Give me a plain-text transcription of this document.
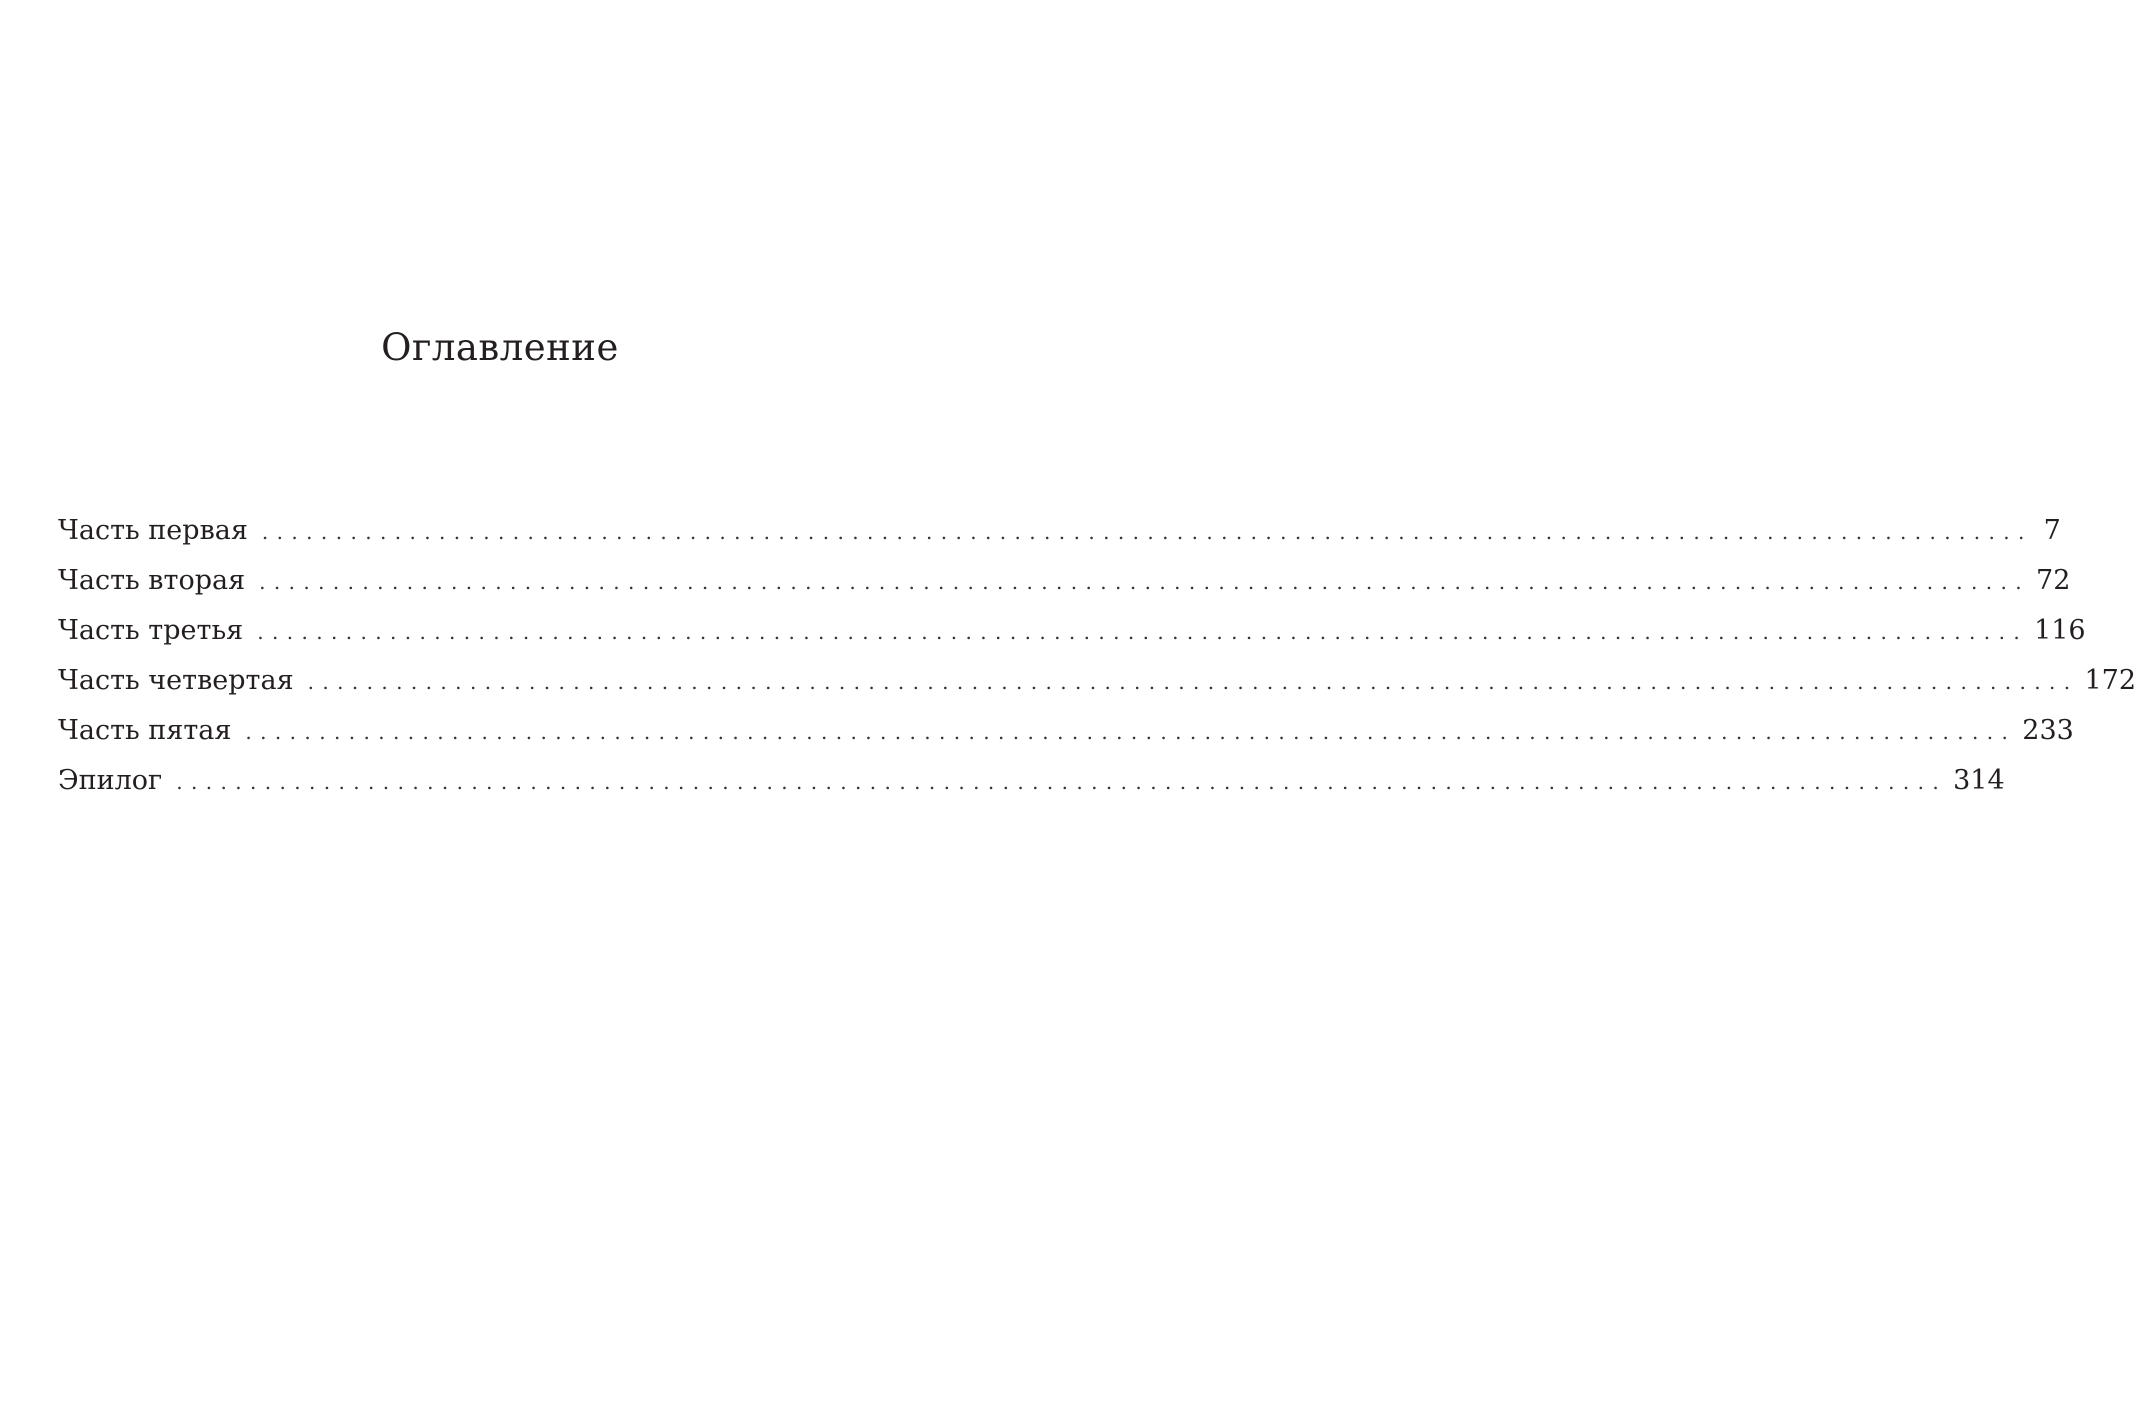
Оглавление
Часть первая ........................................................................................................................ 7
Часть вторая ........................................................................................................................ 72
Часть третья ........................................................................................................................ 116
Часть четвертая ........................................................................................................................ 172
Часть пятая ........................................................................................................................ 233
Эпилог ........................................................................................................................ 314
